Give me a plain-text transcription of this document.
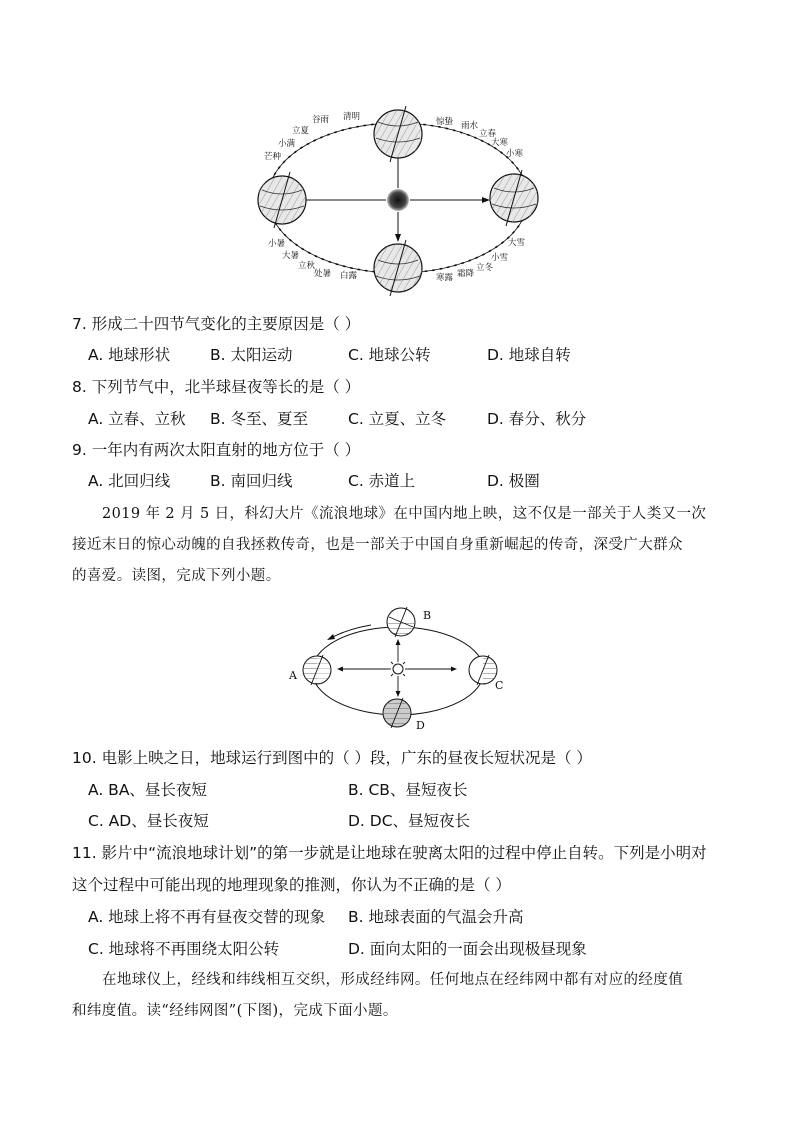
谷雨 清明
立夏
小满
芒种
惊蛰 雨水
立春
大寒
小寒
小暑
大暑
立秋
处暑 白露
大雪
小雪
立冬
霜降
寒露
7. 形成二十四节气变化的主要原因是（ ）
A. 地球形状	B. 太阳运动	C. 地球公转	D. 地球自转
8. 下列节气中，北半球昼夜等长的是（ ）
A. 立春、立秋 B. 冬至、夏至	C. 立夏、立冬	D. 春分、秋分
9. 一年内有两次太阳直射的地方位于（ ）
A. 北回归线	B. 南回归线	C. 赤道上	D. 极圈
2019 年 2 月 5 日，科幻大片《流浪地球》在中国内地上映，这不仅是一部关于人类又一次
接近末日的惊心动魄的自我拯救传奇，也是一部关于中国自身重新崛起的传奇，深受广大群众
的喜爱。读图，完成下列小题。
B
A
C
D
10. 电影上映之日，地球运行到图中的（ ）段，广东的昼夜长短状况是（ ）
A. BA、昼长夜短	B. CB、昼短夜长
C. AD、昼长夜短	D. DC、昼短夜长
11. 影片中“流浪地球计划”的第一步就是让地球在驶离太阳的过程中停止自转。下列是小明对
这个过程中可能出现的地理现象的推测，你认为不正确的是（ ）
A. 地球上将不再有昼夜交替的现象 B. 地球表面的气温会升高
C. 地球将不再围绕太阳公转	D. 面向太阳的一面会出现极昼现象
在地球仪上，经线和纬线相互交织，形成经纬网。任何地点在经纬网中都有对应的经度值
和纬度值。读“经纬网图”(下图)，完成下面小题。
